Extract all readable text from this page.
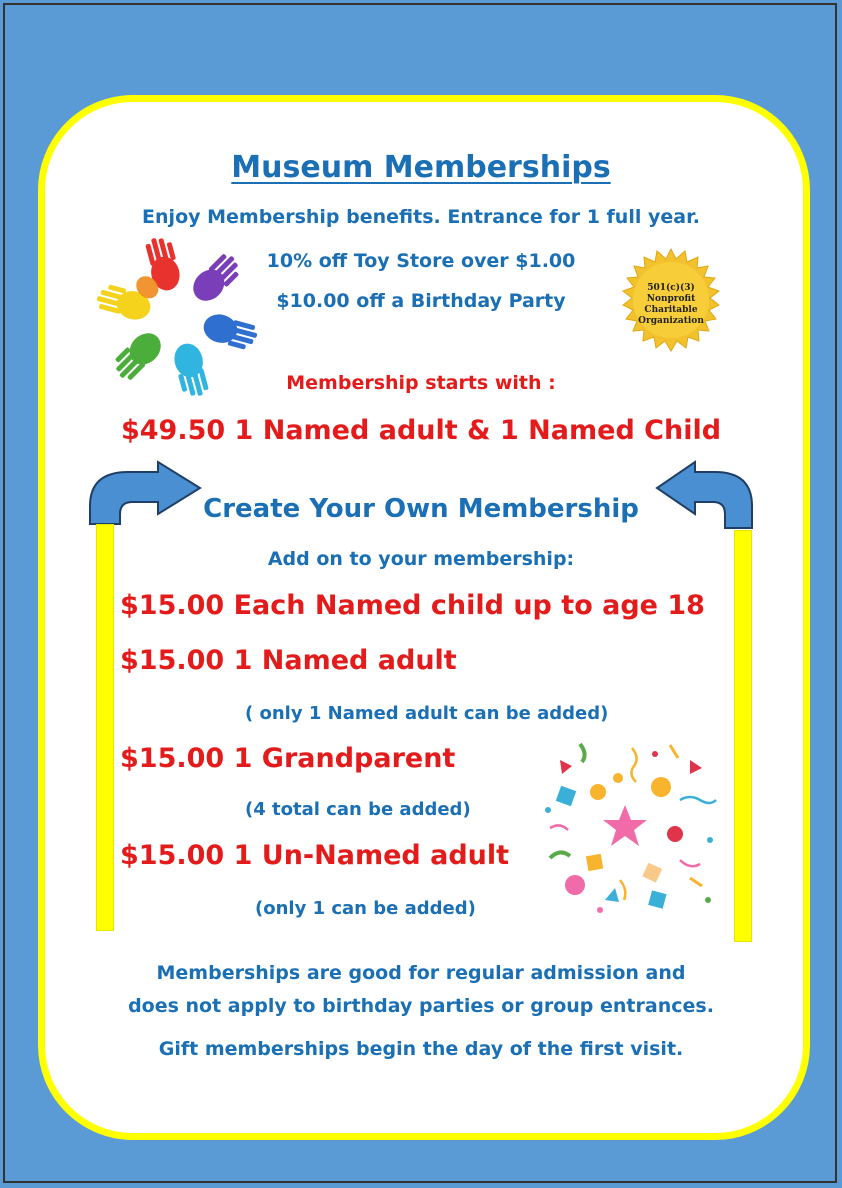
Museum Memberships
Enjoy Membership benefits. Entrance for 1 full year.
10% off Toy Store over $1.00
$10.00 off a Birthday Party
501(c)(3)
Nonprofit
Charitable
Organization
Membership starts with :
$49.50 1 Named adult & 1 Named Child
Create Your Own Membership
Add on to your membership:
$15.00 Each Named child up to age 18
$15.00 1 Named adult
( only 1 Named adult can be added)
$15.00 1 Grandparent
(4 total can be added)
$15.00 1 Un-Named adult
(only 1 can be added)
Memberships are good for regular admission and
does not apply to birthday parties or group entrances.
Gift memberships begin the day of the first visit.
